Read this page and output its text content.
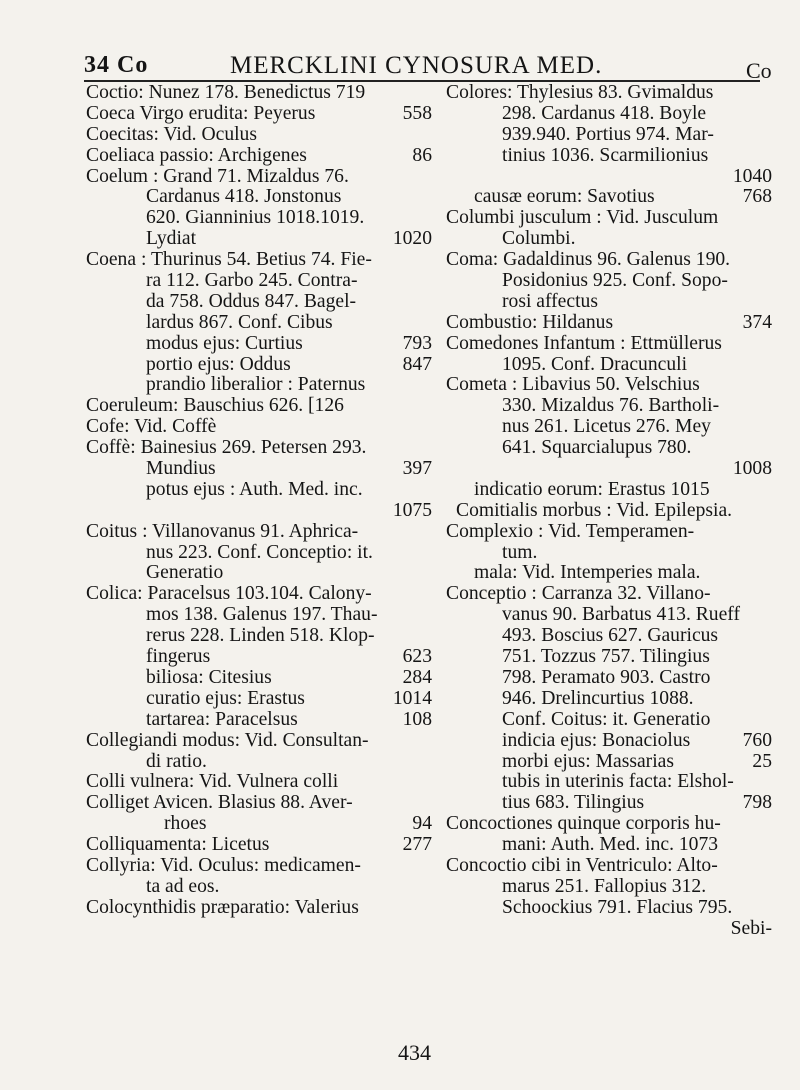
34 Co	MERCKLINI CYNOSURA MED.	Co
Coctio: Nunez 178. Benedictus 719
Coeca Virgo erudita: Peyerus	558
Coecitas: Vid. Oculus
Coeliaca passio: Archigenes	86
Coelum : Grand 71. Mizaldus 76.
Cardanus 418. Jonstonus
620. Gianninius 1018.1019.
Lydiat	1020
Coena : Thurinus 54. Betius 74. Fie-
ra 112. Garbo 245. Contra-
da 758. Oddus 847. Bagel-
lardus 867. Conf. Cibus
modus ejus: Curtius	793
portio ejus: Oddus	847
prandio liberalior : Paternus
Coeruleum: Bauschius 626. [126
Cofe: Vid. Coffè
Coffè: Bainesius 269. Petersen 293.
Mundius	397
potus ejus : Auth. Med. inc.
1075
Coitus : Villanovanus 91. Aphrica-
nus 223. Conf. Conceptio: it.
Generatio
Colica: Paracelsus 103.104. Calony-
mos 138. Galenus 197. Thau-
rerus 228. Linden 518. Klop-
fingerus	623
biliosa: Citesius	284
curatio ejus: Erastus	1014
tartarea: Paracelsus	108
Collegiandi modus: Vid. Consultan-
di ratio.
Colli vulnera: Vid. Vulnera colli
Colliget Avicen. Blasius 88. Aver-
rhoes	94
Colliquamenta: Licetus	277
Collyria: Vid. Oculus: medicamen-
ta ad eos.
Colocynthidis præparatio: Valerius
Colores: Thylesius 83. Gvimaldus
298. Cardanus 418. Boyle
939.940. Portius 974. Mar-
tinius 1036. Scarmilionius
1040
causæ eorum: Savotius	768
Columbi jusculum : Vid. Jusculum
Columbi.
Coma: Gadaldinus 96. Galenus 190.
Posidonius 925. Conf. Sopo-
rosi affectus
Combustio: Hildanus	374
Comedones Infantum : Ettmüllerus
1095. Conf. Dracunculi
Cometa : Libavius 50. Velschius
330. Mizaldus 76. Bartholi-
nus 261. Licetus 276. Mey
641. Squarcialupus 780.
1008
indicatio eorum: Erastus 1015
Comitialis morbus : Vid. Epilepsia.
Complexio : Vid. Temperamen-
tum.
mala: Vid. Intemperies mala.
Conceptio : Carranza 32. Villano-
vanus 90. Barbatus 413. Rueff
493. Boscius 627. Gauricus
751. Tozzus 757. Tilingius
798. Peramato 903. Castro
946. Drelincurtius 1088.
Conf. Coitus: it. Generatio
indicia ejus: Bonaciolus	760
morbi ejus: Massarias	25
tubis in uterinis facta: Elshol-
tius 683. Tilingius	798
Concoctiones quinque corporis hu-
mani: Auth. Med. inc. 1073
Concoctio cibi in Ventriculo: Alto-
marus 251. Fallopius 312.
Schoockius 791. Flacius 795.
Sebi-
434
